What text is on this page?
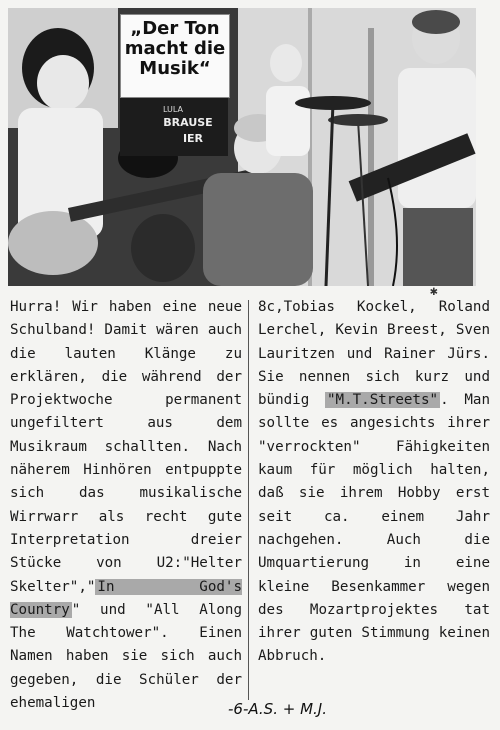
LULA
BRAUSE
IER
„Der Ton
macht die
Musik“
✱

Hurra! Wir haben eine neue Schulband! Damit wären auch die lauten Klänge zu erklären, die während der Projektwoche permanent ungefiltert aus dem Musikraum schallten. Nach näherem Hinhören entpuppte sich das musikalische Wirrwarr als recht gute Interpretation dreier Stücke von U2:"Helter Skelter"," In God's Country " und "All Along The Watchtower". Einen Namen haben sie sich auch gegeben, die Schüler der ehemaligen

8c,Tobias Kockel, Roland Lerchel, Kevin Breest, Sven Lauritzen und Rainer Jürs. Sie nennen sich kurz und bündig "M.T.Streets" . Man sollte es angesichts ihrer "verrockten" Fähigkeiten kaum für möglich halten, daß sie ihrem Hobby erst seit ca. einem Jahr nachgehen. Auch die Umquartierung in eine kleine Besenkammer wegen des Mozartprojektes tat ihrer guten Stimmung keinen Abbruch.

-6-A.S. + M.J.
